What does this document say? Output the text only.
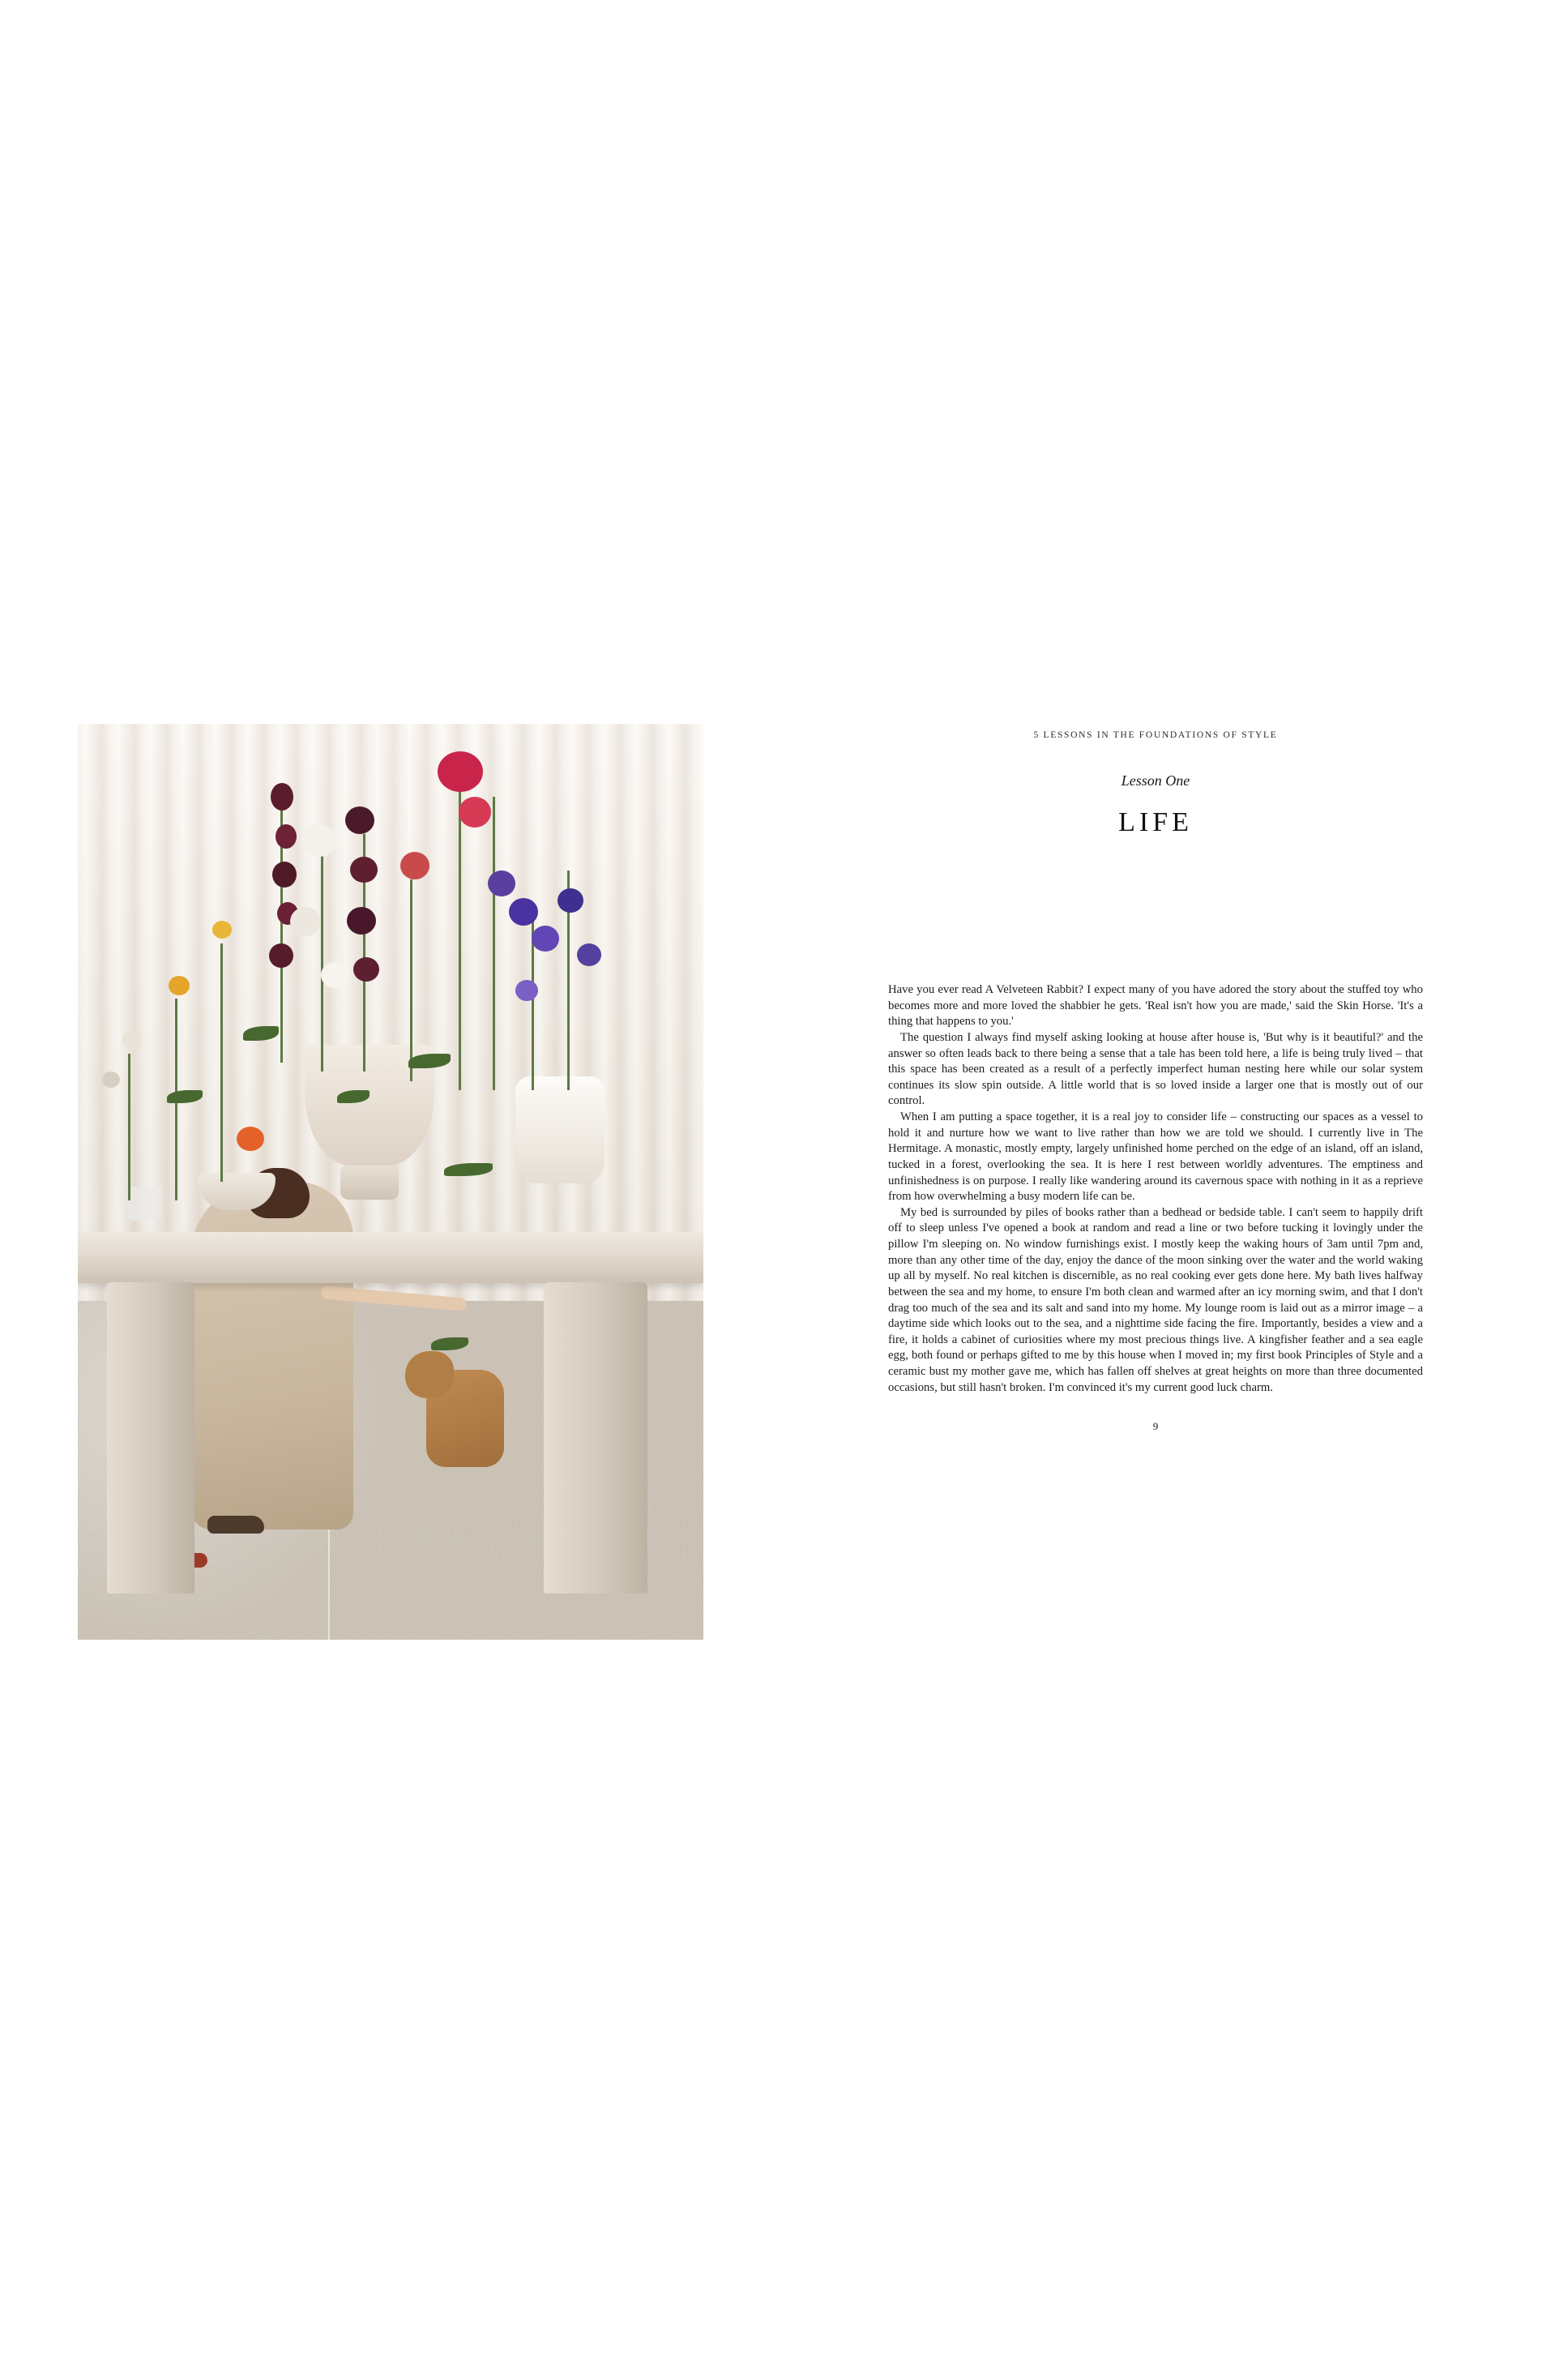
5 LESSONS IN THE FOUNDATIONS OF STYLE
Lesson One
LIFE

Have you ever read A Velveteen Rabbit? I expect many of you have adored the story about the stuffed toy who becomes more and more loved the shabbier he gets. 'Real isn't how you are made,' said the Skin Horse. 'It's a thing that happens to you.'

The question I always find myself asking looking at house after house is, 'But why is it beautiful?' and the answer so often leads back to there being a sense that a tale has been told here, a life is being truly lived – that this space has been created as a result of a perfectly imperfect human nesting here while our solar system continues its slow spin outside. A little world that is so loved inside a larger one that is mostly out of our control.

When I am putting a space together, it is a real joy to consider life – constructing our spaces as a vessel to hold it and nurture how we want to live rather than how we are told we should. I currently live in The Hermitage. A monastic, mostly empty, largely unfinished home perched on the edge of an island, off an island, tucked in a forest, overlooking the sea. It is here I rest between worldly adventures. The emptiness and unfinishedness is on purpose. I really like wandering around its cavernous space with nothing in it as a reprieve from how overwhelming a busy modern life can be.

My bed is surrounded by piles of books rather than a bedhead or bedside table. I can't seem to happily drift off to sleep unless I've opened a book at random and read a line or two before tucking it lovingly under the pillow I'm sleeping on. No window furnishings exist. I mostly keep the waking hours of 3am until 7pm and, more than any other time of the day, enjoy the dance of the moon sinking over the water and the world waking up all by myself. No real kitchen is discernible, as no real cooking ever gets done here. My bath lives halfway between the sea and my home, to ensure I'm both clean and warmed after an icy morning swim, and that I don't drag too much of the sea and its salt and sand into my home. My lounge room is laid out as a mirror image – a daytime side which looks out to the sea, and a nighttime side facing the fire. Importantly, besides a view and a fire, it holds a cabinet of curiosities where my most precious things live. A kingfisher feather and a sea eagle egg, both found or perhaps gifted to me by this house when I moved in; my first book Principles of Style and a ceramic bust my mother gave me, which has fallen off shelves at great heights on more than three documented occasions, but still hasn't broken. I'm convinced it's my current good luck charm.

9
